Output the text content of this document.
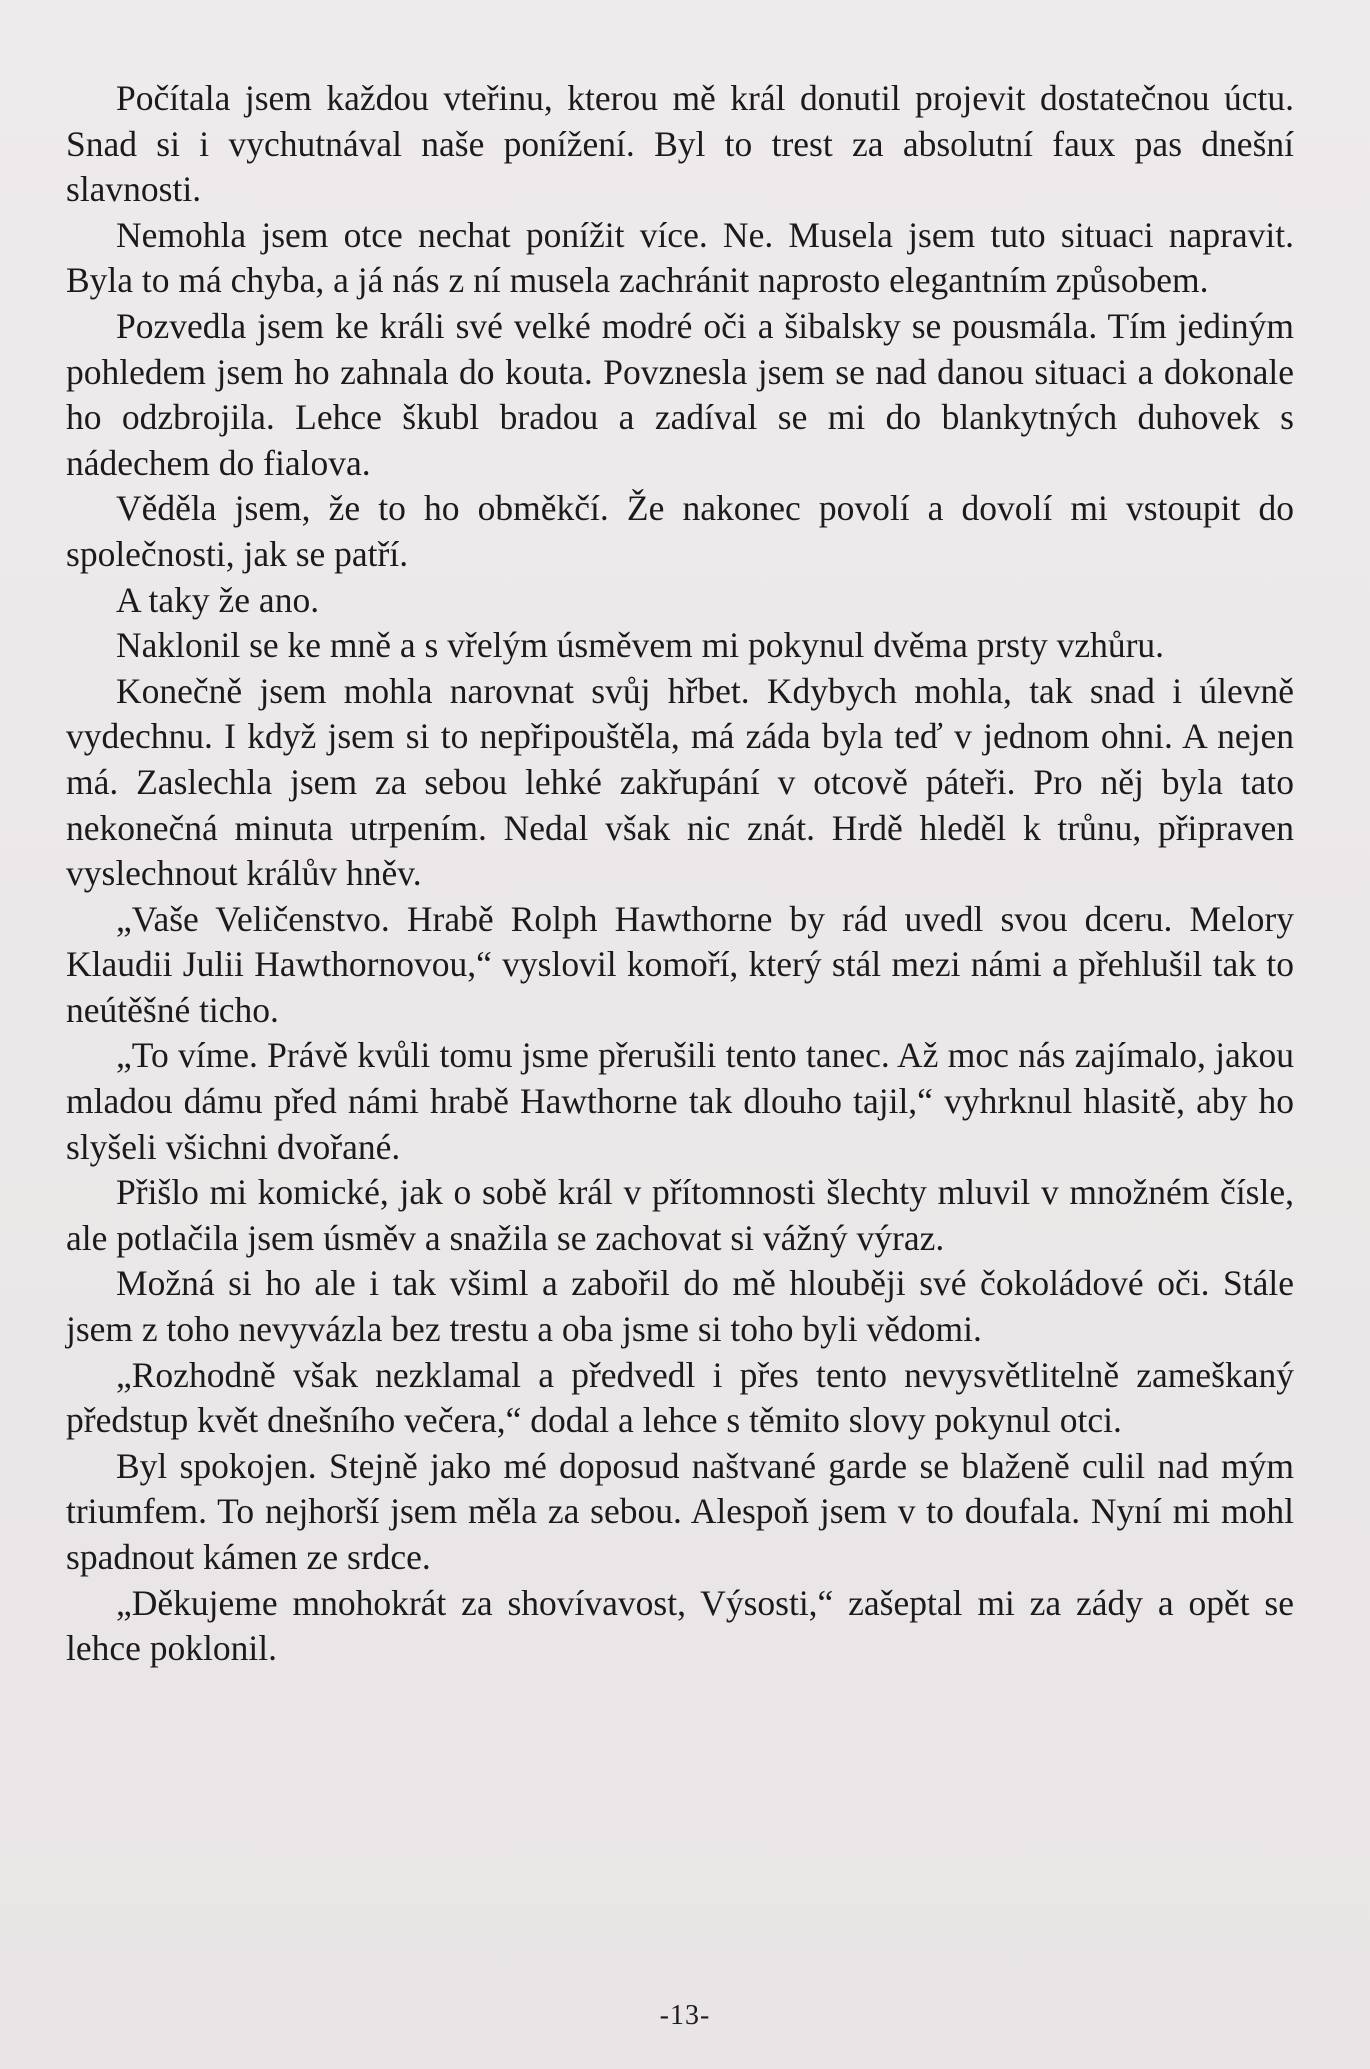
Počítala jsem každou vteřinu, kterou mě král donutil projevit dostatečnou úctu. Snad si i vychutnával naše ponížení. Byl to trest za absolutní faux pas dnešní slavnosti.

Nemohla jsem otce nechat ponížit více. Ne. Musela jsem tuto situaci napravit. Byla to má chyba, a já nás z ní musela zachránit naprosto elegantním způsobem.

Pozvedla jsem ke králi své velké modré oči a šibalsky se pousmála. Tím jediným pohledem jsem ho zahnala do kouta. Povznesla jsem se nad danou situaci a dokonale ho odzbrojila. Lehce škubl bradou a zadíval se mi do blankytných duhovek s nádechem do fialova.

Věděla jsem, že to ho obměkčí. Že nakonec povolí a dovolí mi vstoupit do společnosti, jak se patří.

A taky že ano.

Naklonil se ke mně a s vřelým úsměvem mi pokynul dvěma prsty vzhůru.

Konečně jsem mohla narovnat svůj hřbet. Kdybych mohla, tak snad i úlevně vydechnu. I když jsem si to nepřipouštěla, má záda byla teď v jednom ohni. A nejen má. Zaslechla jsem za sebou lehké zakřupání v otcově páteři. Pro něj byla tato nekonečná minuta utrpením. Nedal však nic znát. Hrdě hleděl k trůnu, připraven vyslechnout králův hněv.

„Vaše Veličenstvo. Hrabě Rolph Hawthorne by rád uvedl svou dceru. Melory Klaudii Julii Hawthornovou,“ vyslovil komoří, který stál mezi námi a přehlušil tak to neútěšné ticho.

„To víme. Právě kvůli tomu jsme přerušili tento tanec. Až moc nás zajímalo, jakou mladou dámu před námi hrabě Hawthorne tak dlouho tajil,“ vyhrknul hlasitě, aby ho slyšeli všichni dvořané.

Přišlo mi komické, jak o sobě král v přítomnosti šlechty mluvil v množném čísle, ale potlačila jsem úsměv a snažila se zachovat si vážný výraz.

Možná si ho ale i tak všiml a zabořil do mě hlouběji své čokoládové oči. Stále jsem z toho nevyvázla bez trestu a oba jsme si toho byli vědomi.

„Rozhodně však nezklamal a předvedl i přes tento nevysvětlitelně zameškaný předstup květ dnešního večera,“ dodal a lehce s těmito slovy pokynul otci.

Byl spokojen. Stejně jako mé doposud naštvané garde se blaženě culil nad mým triumfem. To nejhorší jsem měla za sebou. Alespoň jsem v to doufala. Nyní mi mohl spadnout kámen ze srdce.

„Děkujeme mnohokrát za shovívavost, Výsosti,“ zašeptal mi za zády a opět se lehce poklonil.

-13-
